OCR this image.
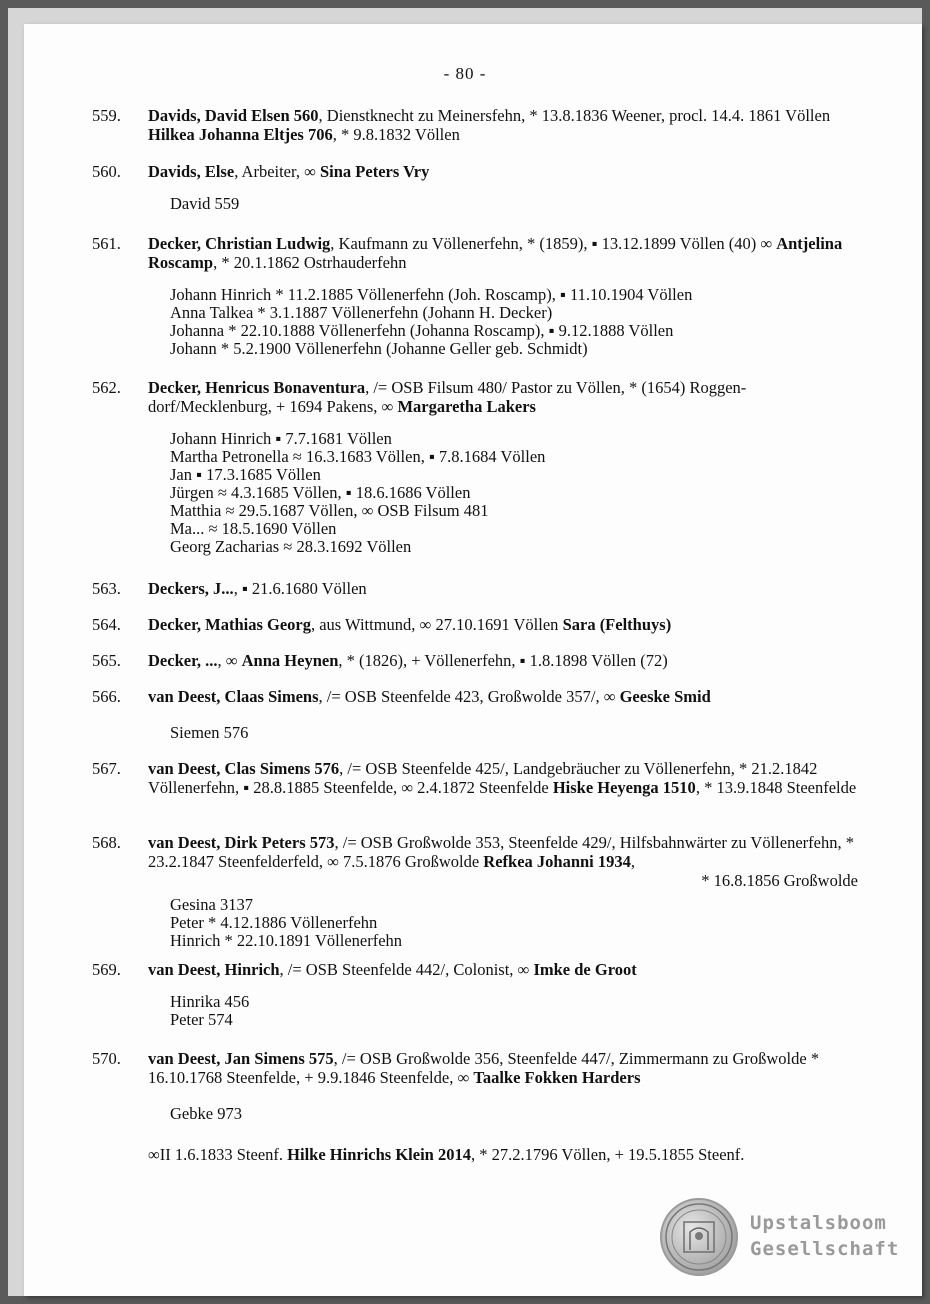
- 80 -
559.	Davids, David Elsen 560, Dienstknecht zu Meinersfehn, * 13.8.1836 Weener, procl. 14.4. 1861 Völlen Hilkea Johanna Eltjes 706, * 9.8.1832 Völlen
560.	Davids, Else, Arbeiter, ∞ Sina Peters Vry
David 559
561.	Decker, Christian Ludwig, Kaufmann zu Völlenerfehn, * (1859), ▪ 13.12.1899 Völlen (40) ∞ Antjelina Roscamp, * 20.1.1862 Ostrhauderfehn
Johann Hinrich * 11.2.1885 Völlenerfehn (Joh. Roscamp), ▪ 11.10.1904 Völlen
Anna Talkea * 3.1.1887 Völlenerfehn (Johann H. Decker)
Johanna * 22.10.1888 Völlenerfehn (Johanna Roscamp), ▪ 9.12.1888 Völlen
Johann * 5.2.1900 Völlenerfehn (Johanne Geller geb. Schmidt)
562.	Decker, Henricus Bonaventura, /= OSB Filsum 480/ Pastor zu Völlen, * (1654) Roggen-dorf/Mecklenburg, + 1694 Pakens, ∞ Margaretha Lakers
Johann Hinrich ▪ 7.7.1681 Völlen
Martha Petronella ≈ 16.3.1683 Völlen, ▪ 7.8.1684 Völlen
Jan ▪ 17.3.1685 Völlen
Jürgen ≈ 4.3.1685 Völlen, ▪ 18.6.1686 Völlen
Matthia ≈ 29.5.1687 Völlen, ∞ OSB Filsum 481
Ma... ≈ 18.5.1690 Völlen
Georg Zacharias ≈ 28.3.1692 Völlen
563.	Deckers, J..., ▪ 21.6.1680 Völlen
564.	Decker, Mathias Georg, aus Wittmund, ∞ 27.10.1691 Völlen Sara (Felthuys)
565.	Decker, ..., ∞ Anna Heynen, * (1826), + Völlenerfehn, ▪ 1.8.1898 Völlen (72)
566.	van Deest, Claas Simens, /= OSB Steenfelde 423, Großwolde 357/, ∞ Geeske Smid
Siemen 576
567.	van Deest, Clas Simens 576, /= OSB Steenfelde 425/, Landgebräucher zu Völlenerfehn, * 21.2.1842 Völlenerfehn, ▪ 28.8.1885 Steenfelde, ∞ 2.4.1872 Steenfelde Hiske Heyenga 1510, * 13.9.1848 Steenfelde
568.	van Deest, Dirk Peters 573, /= OSB Großwolde 353, Steenfelde 429/, Hilfsbahnwärter zu Völlenerfehn, * 23.2.1847 Steenfelderfeld, ∞ 7.5.1876 Großwolde Refkea Johanni 1934,
* 16.8.1856 Großwolde
Gesina 3137
Peter * 4.12.1886 Völlenerfehn
Hinrich * 22.10.1891 Völlenerfehn
569.	van Deest, Hinrich, /= OSB Steenfelde 442/, Colonist, ∞ Imke de Groot
Hinrika 456
Peter 574
570.	van Deest, Jan Simens 575, /= OSB Großwolde 356, Steenfelde 447/, Zimmermann zu Großwolde * 16.10.1768 Steenfelde, + 9.9.1846 Steenfelde, ∞ Taalke Fokken Harders
Gebke 973
∞II 1.6.1833 Steenf. Hilke Hinrichs Klein 2014, * 27.2.1796 Völlen, + 19.5.1855 Steenf.
Upstalsboom
Gesellschaft
